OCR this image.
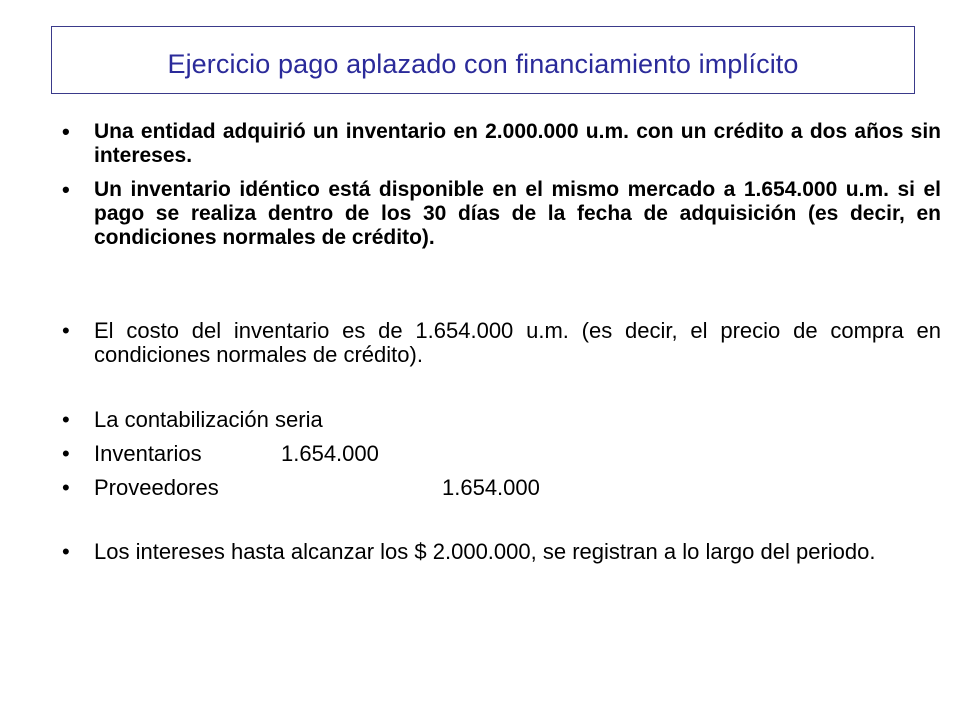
Ejercicio pago aplazado con financiamiento implícito
• Una entidad adquirió un inventario en 2.000.000 u.m. con un crédito a dos años sin intereses.
• Un inventario idéntico está disponible en el mismo mercado a 1.654.000 u.m. si el pago se realiza dentro de los 30 días de la fecha de adquisición (es decir, en condiciones normales de crédito).
• El costo del inventario es de 1.654.000 u.m. (es decir, el precio de compra en condiciones normales de crédito).
• La contabilización seria
• Inventarios	1.654.000
• Proveedores	1.654.000
• Los intereses hasta alcanzar los $ 2.000.000, se registran a lo largo del periodo.
